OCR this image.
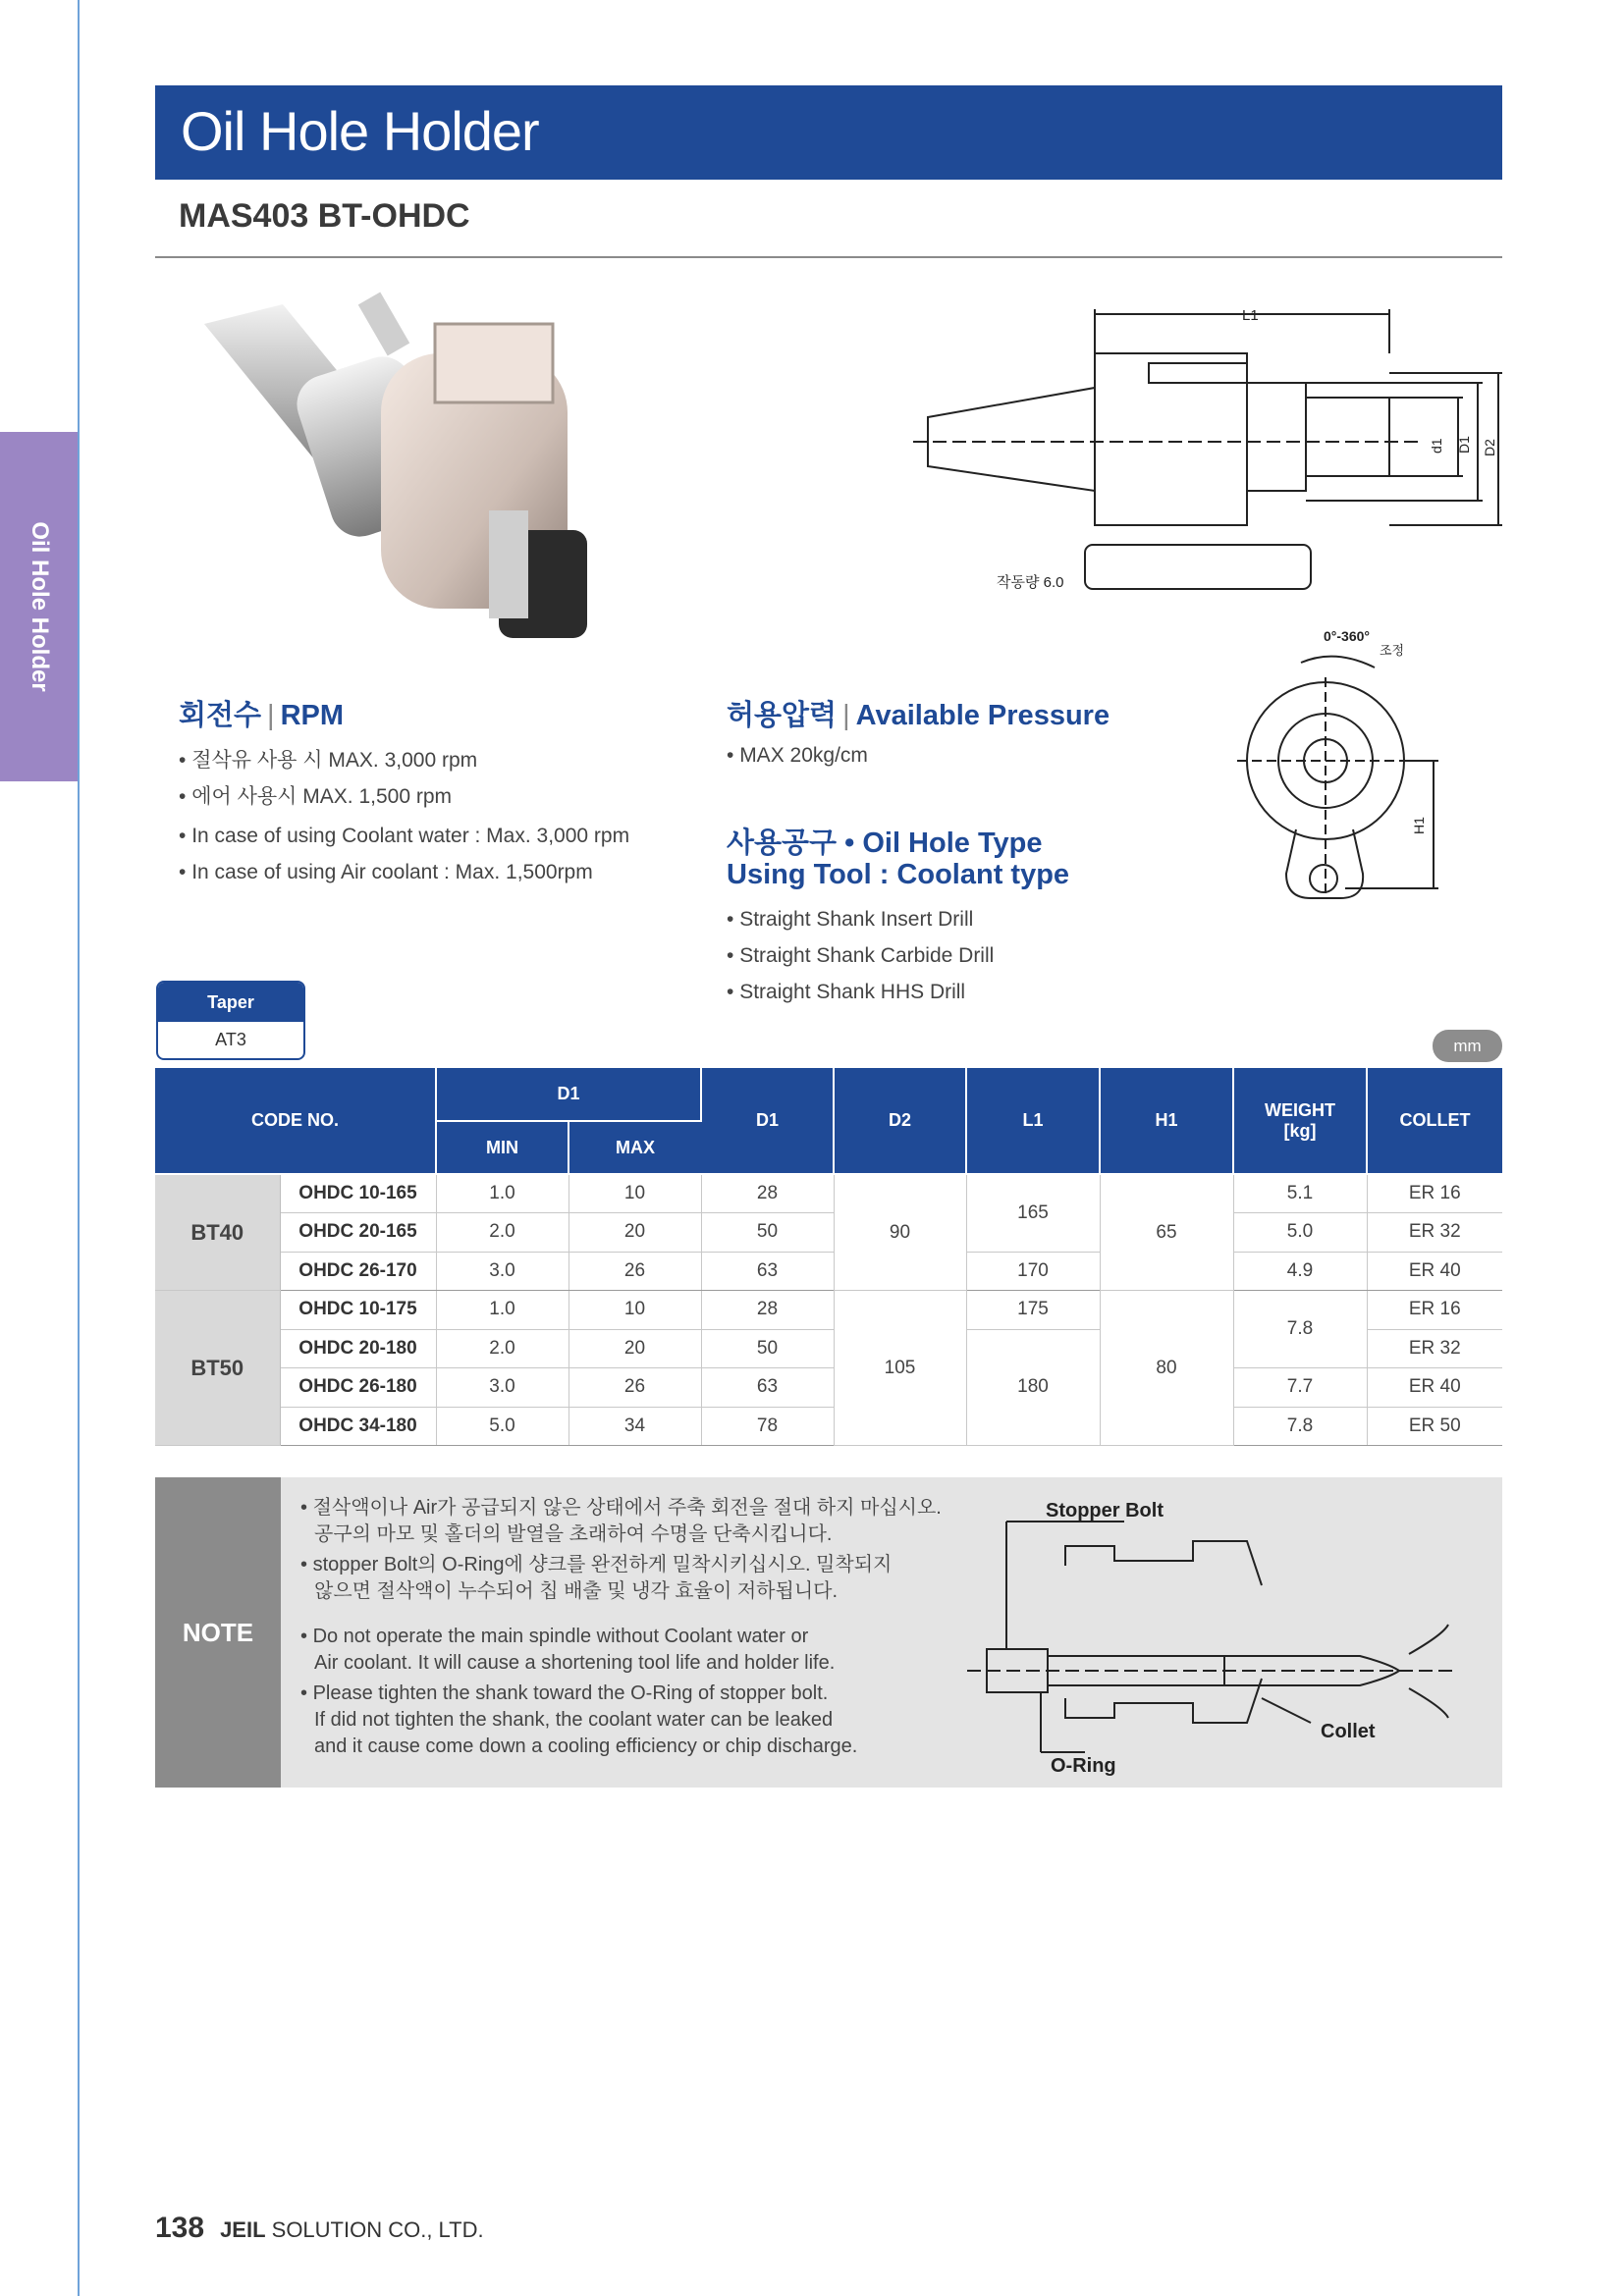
Oil Hole Holder
Oil Hole Holder
MAS403 BT-OHDC
L1
d1 D1 D2
작동량 6.0
0°-360°
조정
H1
회전수 | RPM
• 절삭유 사용 시 MAX. 3,000 rpm
• 에어 사용시 MAX. 1,500 rpm
• In case of using Coolant water : Max. 3,000 rpm
• In case of using Air coolant : Max. 1,500rpm
허용압력 | Available Pressure
• MAX 20kg/cm
사용공구 • Oil Hole Type
Using Tool : Coolant type
• Straight Shank Insert Drill
• Straight Shank Carbide Drill
• Straight Shank HHS Drill
Taper
AT3	mm
CODE NO.		D1		D1	D2	L1	H1	WEIGHT
[kg]	COLLET
		MIN	MAX						
BT40	OHDC 10-165	1.0	10	28	90	165	65	5.1	ER 16
	OHDC 20-165	2.0	20	50				5.0	ER 32
	OHDC 26-170	3.0	26	63		170		4.9	ER 40
BT50	OHDC 10-175	1.0	10	28	105	175	80	7.8	ER 16
	OHDC 20-180	2.0	20	50		180			ER 32
	OHDC 26-180	3.0	26	63				7.7	ER 40
	OHDC 34-180	5.0	34	78				7.8	ER 50
NOTE
• 절삭액이나 Air가 공급되지 않은 상태에서 주축 회전을 절대 하지 마십시오.
공구의 마모 및 홀더의 발열을 초래하여 수명을 단축시킵니다.
• stopper Bolt의 O-Ring에 샹크를 완전하게 밀착시키십시오. 밀착되지
않으면 절삭액이 누수되어 칩 배출 및 냉각 효율이 저하됩니다.
• Do not operate the main spindle without Coolant water or
Air coolant. It will cause a shortening tool life and holder life.
• Please tighten the shank toward the O-Ring of stopper bolt.
If did not tighten the shank, the coolant water can be leaked
and it cause come down a cooling efficiency or chip discharge.
Stopper Bolt
Collet
O-Ring
138 JEIL SOLUTION CO., LTD.
